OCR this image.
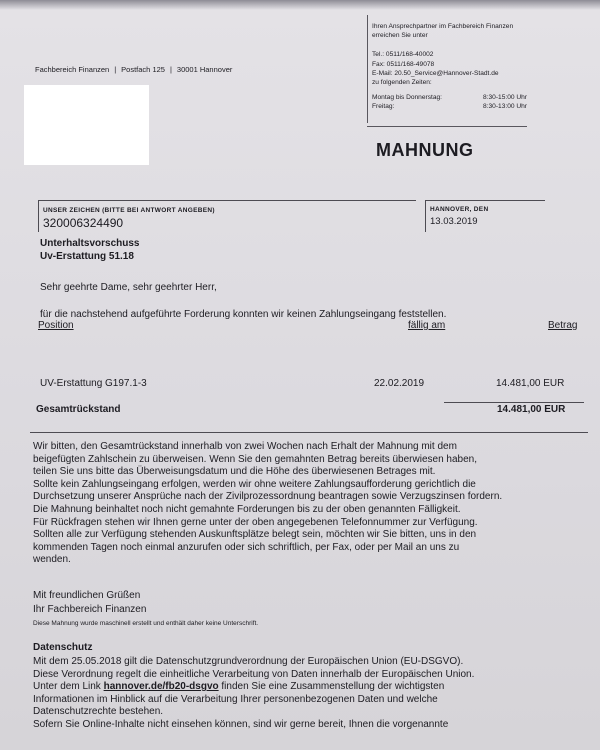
Fachbereich Finanzen | Postfach 125 | 30001 Hannover
Ihren Ansprechpartner im Fachbereich Finanzen
erreichen Sie unter
Tel.: 0511/168-40002
Fax: 0511/168-49078
E-Mail: 20.50_Service@Hannover-Stadt.de
zu folgenden Zeiten:
Montag bis Donnerstag:	8:30-15:00 Uhr
Freitag:	8:30-13:00 Uhr
MAHNUNG
UNSER ZEICHEN (BITTE BEI ANTWORT ANGEBEN)
320006324490
HANNOVER, DEN
13.03.2019
Unterhaltsvorschuss
Uv-Erstattung 51.18
Sehr geehrte Dame, sehr geehrter Herr,
für die nachstehend aufgeführte Forderung konnten wir keinen Zahlungseingang feststellen.
Position	fällig am	Betrag
UV-Erstattung G197.1-3	22.02.2019	14.481,00 EUR
Gesamtrückstand	14.481,00 EUR
Wir bitten, den Gesamtrückstand innerhalb von zwei Wochen nach Erhalt der Mahnung mit dem
beigefügten Zahlschein zu überweisen. Wenn Sie den gemahnten Betrag bereits überwiesen haben,
teilen Sie uns bitte das Überweisungsdatum und die Höhe des überwiesenen Betrages mit.
Sollte kein Zahlungseingang erfolgen, werden wir ohne weitere Zahlungsaufforderung gerichtlich die
Durchsetzung unserer Ansprüche nach der Zivilprozessordnung beantragen sowie Verzugszinsen fordern.
Die Mahnung beinhaltet noch nicht gemahnte Forderungen bis zu der oben genannten Fälligkeit.
Für Rückfragen stehen wir Ihnen gerne unter der oben angegebenen Telefonnummer zur Verfügung.
Sollten alle zur Verfügung stehenden Auskunftsplätze belegt sein, möchten wir Sie bitten, uns in den
kommenden Tagen noch einmal anzurufen oder sich schriftlich, per Fax, oder per Mail an uns zu
wenden.
Mit freundlichen Grüßen
Ihr Fachbereich Finanzen
Diese Mahnung wurde maschinell erstellt und enthält daher keine Unterschrift.
Datenschutz
Mit dem 25.05.2018 gilt die Datenschutzgrundverordnung der Europäischen Union (EU-DSGVO).
Diese Verordnung regelt die einheitliche Verarbeitung von Daten innerhalb der Europäischen Union.
Unter dem Link hannover.de/fb20-dsgvo finden Sie eine Zusammenstellung der wichtigsten
Informationen im Hinblick auf die Verarbeitung Ihrer personenbezogenen Daten und welche
Datenschutzrechte bestehen.
Sofern Sie Online-Inhalte nicht einsehen können, sind wir gerne bereit, Ihnen die vorgenannte
